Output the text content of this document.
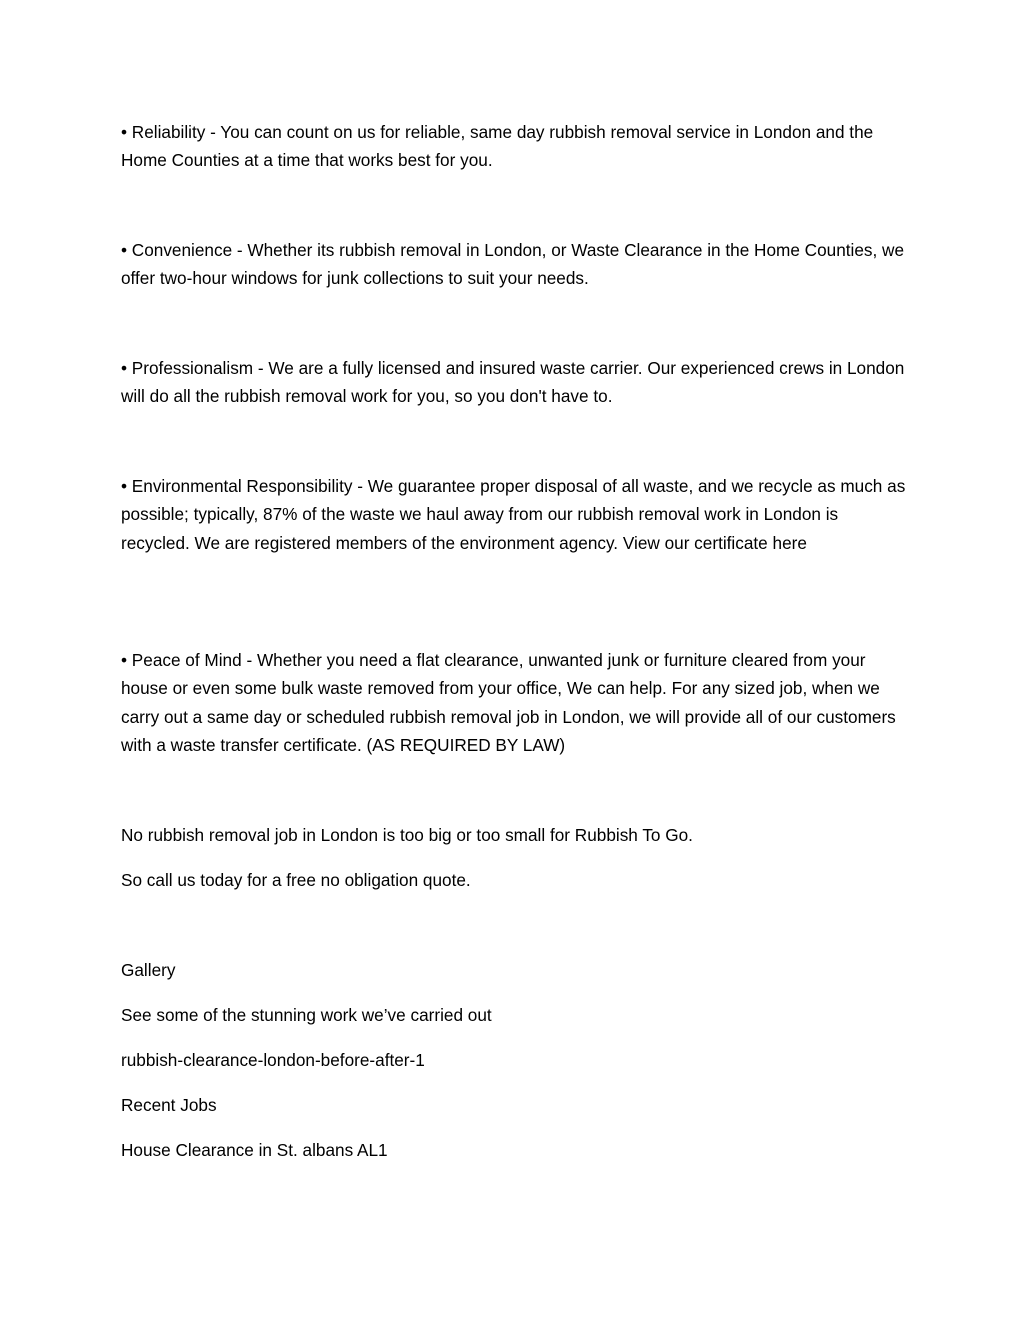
• Reliability - You can count on us for reliable, same day rubbish removal service in London and the Home Counties at a time that works best for you.

• Convenience - Whether its rubbish removal in London, or Waste Clearance in the Home Counties, we offer two-hour windows for junk collections to suit your needs.

• Professionalism - We are a fully licensed and insured waste carrier. Our experienced crews in London will do all the rubbish removal work for you, so you don't have to.

• Environmental Responsibility - We guarantee proper disposal of all waste, and we recycle as much as possible; typically, 87% of the waste we haul away from our rubbish removal work in London is recycled. We are registered members of the environment agency. View our certificate here

• Peace of Mind - Whether you need a flat clearance, unwanted junk or furniture cleared from your house or even some bulk waste removed from your office, We can help. For any sized job, when we carry out a same day or scheduled rubbish removal job in London, we will provide all of our customers with a waste transfer certificate. (AS REQUIRED BY LAW)

No rubbish removal job in London is too big or too small for Rubbish To Go.

So call us today for a free no obligation quote.

Gallery

See some of the stunning work we’ve carried out

rubbish-clearance-london-before-after-1

Recent Jobs

House Clearance in St. albans AL1
